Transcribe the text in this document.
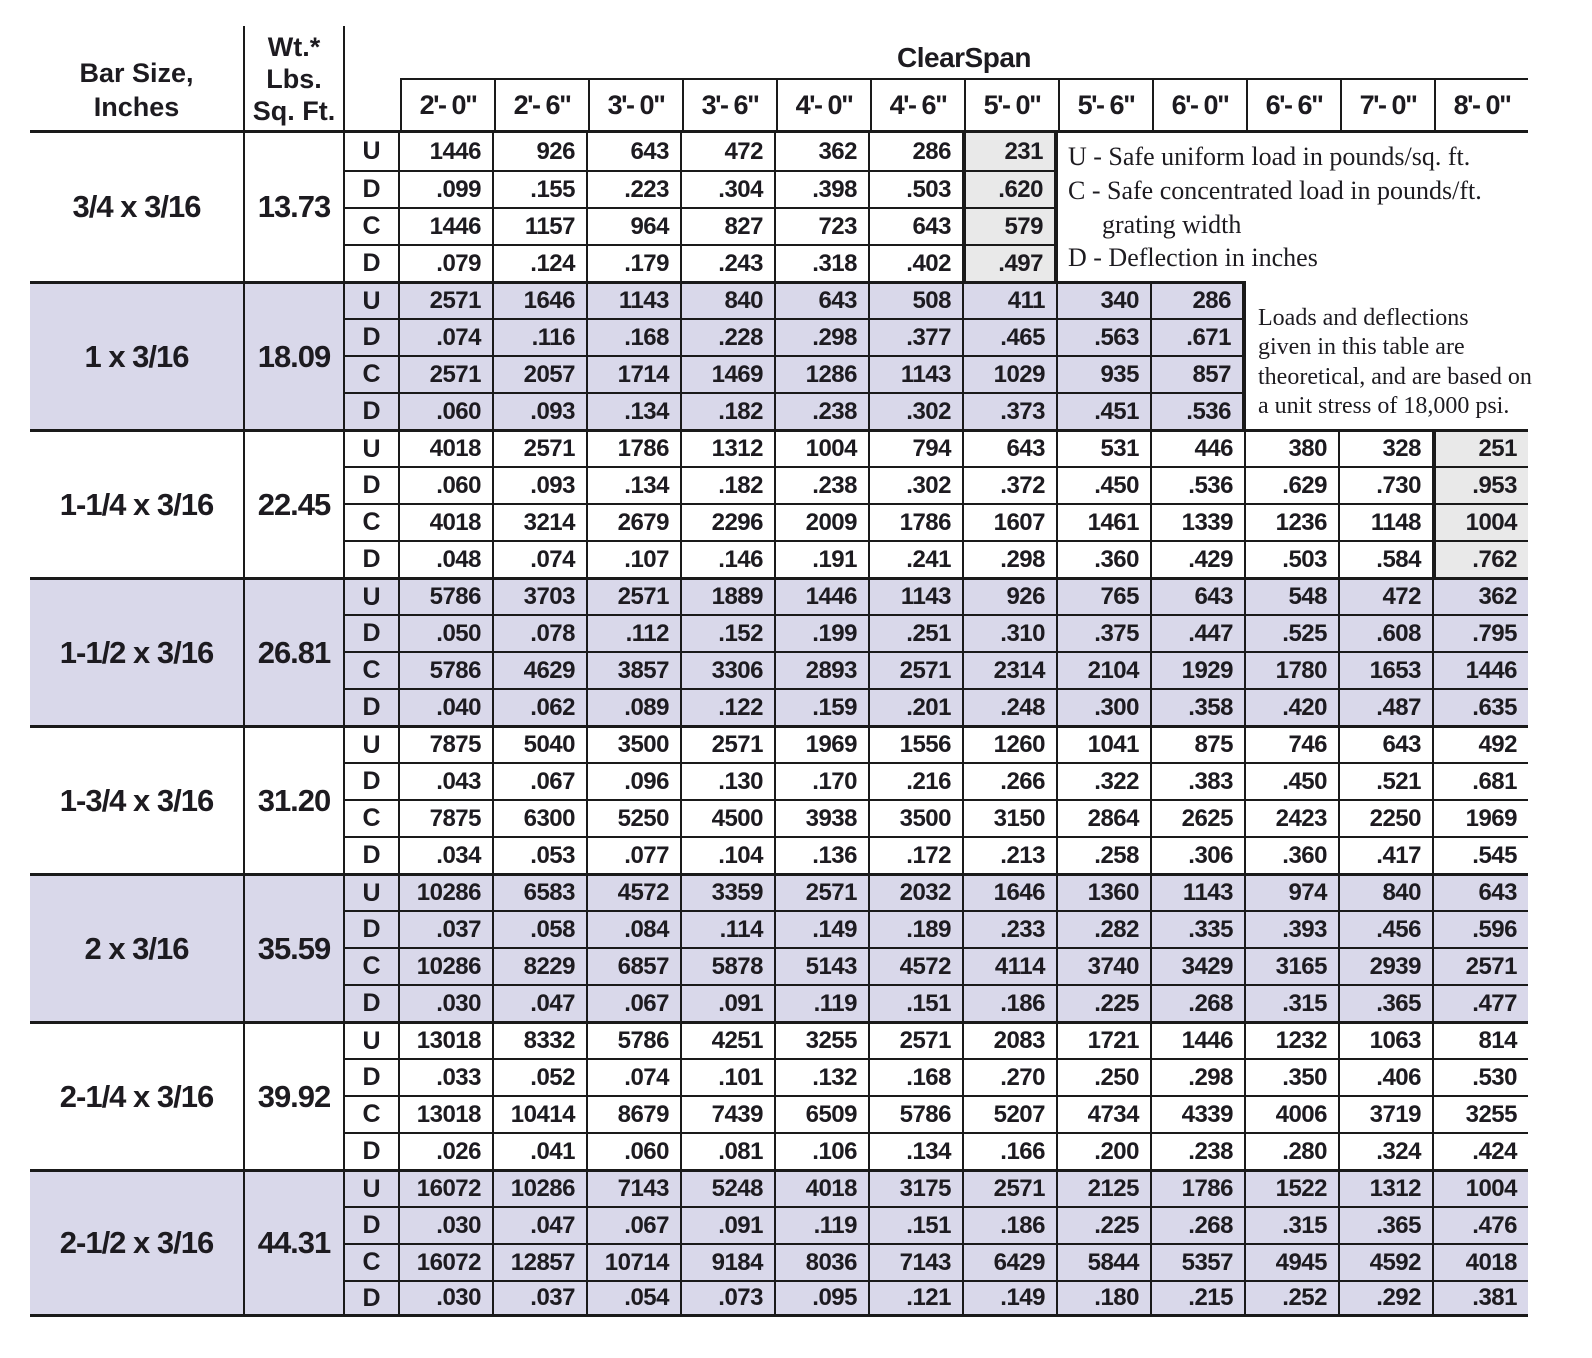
Bar Size,
Inches
Wt.*
Lbs.
Sq. Ft.
ClearSpan
2'- 0"	2'- 6"	3'- 0"	3'- 6"	4'- 0"	4'- 6"	5'- 0"	5'- 6"	6'- 0"	6'- 6"	7'- 0"	8'- 0"
3/4 x 3/16	13.73
U	1446	926	643	472	362	286	231
D	.099	.155	.223	.304	.398	.503	.620
C	1446	1157	964	827	723	643	579
D	.079	.124	.179	.243	.318	.402	.497
1 x 3/16	18.09
U	2571	1646	1143	840	643	508	411	340	286
D	.074	.116	.168	.228	.298	.377	.465	.563	.671
C	2571	2057	1714	1469	1286	1143	1029	935	857
D	.060	.093	.134	.182	.238	.302	.373	.451	.536
1-1/4 x 3/16	22.45
U	4018	2571	1786	1312	1004	794	643	531	446	380	328	251
D	.060	.093	.134	.182	.238	.302	.372	.450	.536	.629	.730	.953
C	4018	3214	2679	2296	2009	1786	1607	1461	1339	1236	1148	1004
D	.048	.074	.107	.146	.191	.241	.298	.360	.429	.503	.584	.762
1-1/2 x 3/16	26.81
U	5786	3703	2571	1889	1446	1143	926	765	643	548	472	362
D	.050	.078	.112	.152	.199	.251	.310	.375	.447	.525	.608	.795
C	5786	4629	3857	3306	2893	2571	2314	2104	1929	1780	1653	1446
D	.040	.062	.089	.122	.159	.201	.248	.300	.358	.420	.487	.635
1-3/4 x 3/16	31.20
U	7875	5040	3500	2571	1969	1556	1260	1041	875	746	643	492
D	.043	.067	.096	.130	.170	.216	.266	.322	.383	.450	.521	.681
C	7875	6300	5250	4500	3938	3500	3150	2864	2625	2423	2250	1969
D	.034	.053	.077	.104	.136	.172	.213	.258	.306	.360	.417	.545
2 x 3/16	35.59
U	10286	6583	4572	3359	2571	2032	1646	1360	1143	974	840	643
D	.037	.058	.084	.114	.149	.189	.233	.282	.335	.393	.456	.596
C	10286	8229	6857	5878	5143	4572	4114	3740	3429	3165	2939	2571
D	.030	.047	.067	.091	.119	.151	.186	.225	.268	.315	.365	.477
2-1/4 x 3/16	39.92
U	13018	8332	5786	4251	3255	2571	2083	1721	1446	1232	1063	814
D	.033	.052	.074	.101	.132	.168	.270	.250	.298	.350	.406	.530
C	13018	10414	8679	7439	6509	5786	5207	4734	4339	4006	3719	3255
D	.026	.041	.060	.081	.106	.134	.166	.200	.238	.280	.324	.424
2-1/2 x 3/16	44.31
U	16072	10286	7143	5248	4018	3175	2571	2125	1786	1522	1312	1004
D	.030	.047	.067	.091	.119	.151	.186	.225	.268	.315	.365	.476
C	16072	12857	10714	9184	8036	7143	6429	5844	5357	4945	4592	4018
D	.030	.037	.054	.073	.095	.121	.149	.180	.215	.252	.292	.381
U - Safe uniform load in pounds/sq. ft.
C - Safe concentrated load in pounds/ft.
grating width
D - Deflection in inches
Loads and deflections
given in this table are
theoretical, and are based on
a unit stress of 18,000 psi.
